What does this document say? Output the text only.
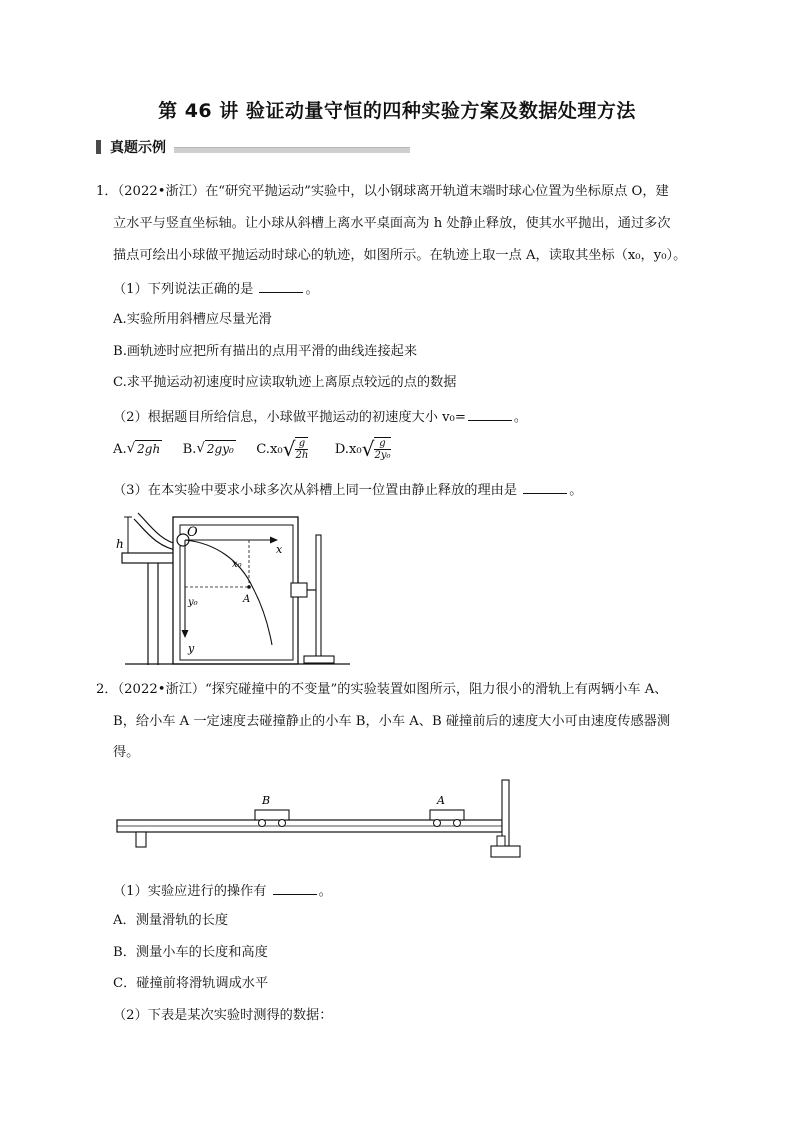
第 46 讲 验证动量守恒的四种实验方案及数据处理方法
真题示例
1．（2022•浙江）在“研究平抛运动”实验中，以小钢球离开轨道末端时球心位置为坐标原点 O，建
立水平与竖直坐标轴。让小球从斜槽上离水平桌面高为 h 处静止释放，使其水平抛出，通过多次
描点可绘出小球做平抛运动时球心的轨迹，如图所示。在轨迹上取一点 A，读取其坐标（x₀，y₀）。
（1）下列说法正确的是	。
A.实验所用斜槽应尽量光滑
B.画轨迹时应把所有描出的点用平滑的曲线连接起来
C.求平抛运动初速度时应读取轨迹上离原点较远的点的数据
（2）根据题目所给信息，小球做平抛运动的初速度大小 v₀=	。
A.√ 2gh B.√ 2gy₀ $C.x_0√ \frac{g}{2h} D.x_0√ \frac{g}{\text{2y₀}}$
（3）在本实验中要求小球多次从斜槽上同一位置由静止释放的理由是	。
h
O
x
y
x₀
y₀	A
2．（2022•浙江）“探究碰撞中的不变量”的实验装置如图所示，阻力很小的滑轨上有两辆小车 A、
B，给小车 A 一定速度去碰撞静止的小车 B，小车 A、B 碰撞前后的速度大小可由速度传感器测
得。
B	A
（1）实验应进行的操作有	。
A．测量滑轨的长度
B．测量小车的长度和高度
C．碰撞前将滑轨调成水平
（2）下表是某次实验时测得的数据：
